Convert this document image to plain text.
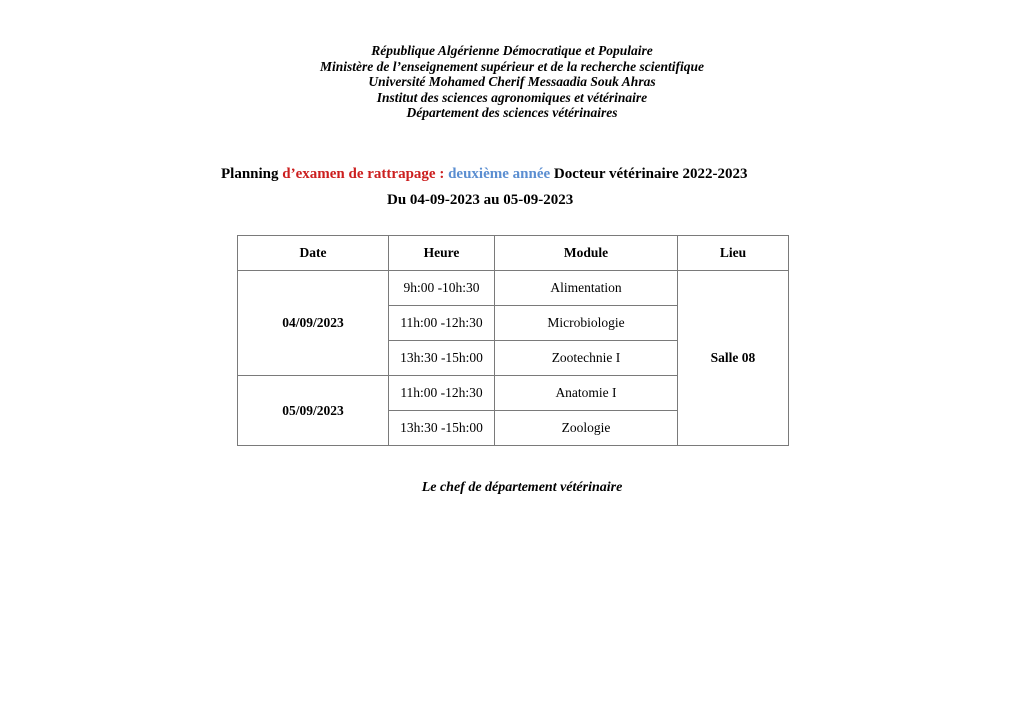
République Algérienne Démocratique et Populaire
Ministère de l’enseignement supérieur et de la recherche scientifique
Université Mohamed Cherif Messaadia Souk Ahras
Institut des sciences agronomiques et vétérinaire
Département des sciences vétérinaires
Planning d’examen de rattrapage : deuxième année Docteur vétérinaire 2022-2023
Du 04-09-2023 au 05-09-2023
Date	Heure	Module	Lieu
04/09/2023	9h:00 -10h:30	Alimentation	Salle 08
	11h:00 -12h:30	Microbiologie	
	13h:30 -15h:00	Zootechnie I	
05/09/2023	11h:00 -12h:30	Anatomie I	
	13h:30 -15h:00	Zoologie	
Le chef de département vétérinaire
